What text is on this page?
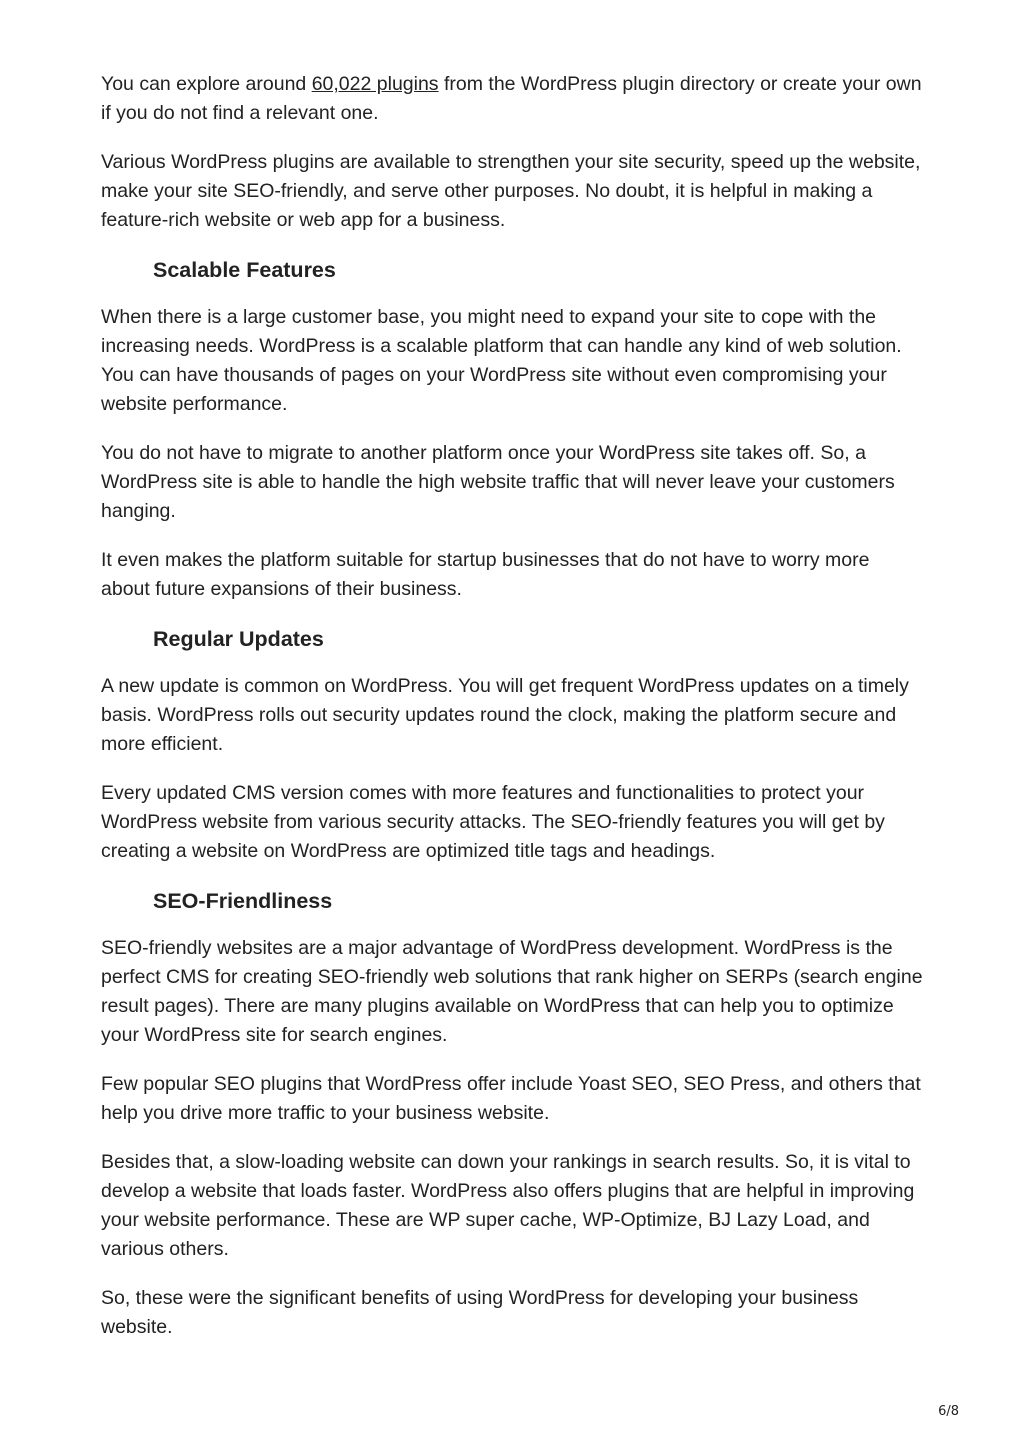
You can explore around 60,022 plugins from the WordPress plugin directory or create your own if you do not find a relevant one.

Various WordPress plugins are available to strengthen your site security, speed up the website, make your site SEO-friendly, and serve other purposes. No doubt, it is helpful in making a feature-rich website or web app for a business.

Scalable Features

When there is a large customer base, you might need to expand your site to cope with the increasing needs. WordPress is a scalable platform that can handle any kind of web solution. You can have thousands of pages on your WordPress site without even compromising your website performance.

You do not have to migrate to another platform once your WordPress site takes off. So, a WordPress site is able to handle the high website traffic that will never leave your customers hanging.

It even makes the platform suitable for startup businesses that do not have to worry more about future expansions of their business.

Regular Updates

A new update is common on WordPress. You will get frequent WordPress updates on a timely basis. WordPress rolls out security updates round the clock, making the platform secure and more efficient.

Every updated CMS version comes with more features and functionalities to protect your WordPress website from various security attacks. The SEO-friendly features you will get by creating a website on WordPress are optimized title tags and headings.

SEO-Friendliness

SEO-friendly websites are a major advantage of WordPress development. WordPress is the perfect CMS for creating SEO-friendly web solutions that rank higher on SERPs (search engine result pages). There are many plugins available on WordPress that can help you to optimize your WordPress site for search engines.

Few popular SEO plugins that WordPress offer include Yoast SEO, SEO Press, and others that help you drive more traffic to your business website.

Besides that, a slow-loading website can down your rankings in search results. So, it is vital to develop a website that loads faster. WordPress also offers plugins that are helpful in improving your website performance. These are WP super cache, WP-Optimize, BJ Lazy Load, and various others.

So, these were the significant benefits of using WordPress for developing your business website.

6/8
